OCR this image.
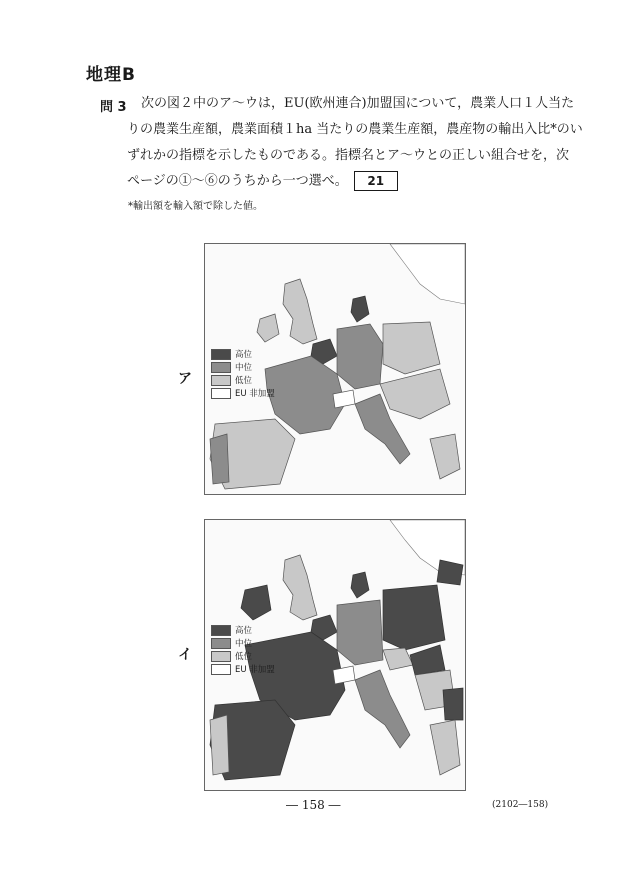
地理B
問 3 次の図２中のア～ウは，EU(欧州連合)加盟国について，農業人口１人当た
りの農業生産額，農業面積１ha 当たりの農業生産額，農産物の輸出入比*のい
ずれかの指標を示したものである。指標名とア～ウとの正しい組合せを，次
ページの①～⑥のうちから一つ選べ。 21
*輸出額を輸入額で除した値。
ア
高位
中位
低位
EU 非加盟
イ
高位
中位
低位
EU 非加盟
― 158 ―	(2102―158)
